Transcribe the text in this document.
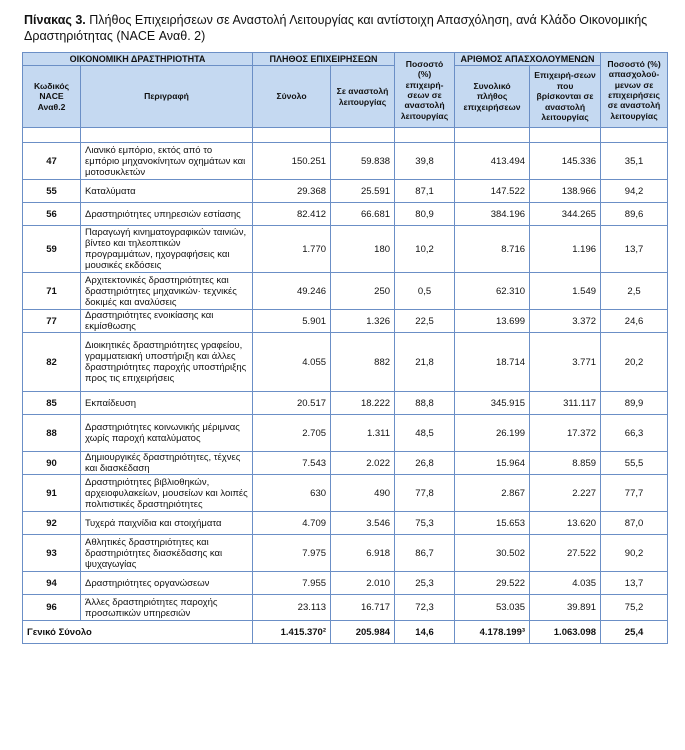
Πίνακας 3. Πλήθος Επιχειρήσεων σε Αναστολή Λειτουργίας και αντίστοιχη Απασχόληση, ανά Κλάδο Οικονομικής Δραστηριότητας (NACE Αναθ. 2)
ΟΙΚΟΝΟΜΙΚΗ ΔΡΑΣΤΗΡΙΟΤΗΤΑ		ΠΛΗΘΟΣ ΕΠΙΧΕΙΡΗΣΕΩΝ		Ποσοστό (%) επιχειρή-σεων σε αναστολή λειτουργίας	ΑΡΙΘΜΟΣ ΑΠΑΣΧΟΛΟΥΜΕΝΩΝ		Ποσοστό (%) απασχολού-μενων σε επιχειρήσεις σε αναστολή λειτουργίας
Κωδικός NACE Αναθ.2	Περιγραφή	Σύνολο	Σε αναστολή λειτουργίας		Συνολικό πλήθος επιχειρήσεων	Επιχειρή-σεων που βρίσκονται σε αναστολή λειτουργίας	

47	Λιανικό εμπόριο, εκτός από το εμπόριο μηχανοκίνητων οχημάτων και μοτοσυκλετών	150.251	59.838	39,8	413.494	145.336	35,1
55	Καταλύματα	29.368	25.591	87,1	147.522	138.966	94,2
56	Δραστηριότητες υπηρεσιών εστίασης	82.412	66.681	80,9	384.196	344.265	89,6
59	Παραγωγή κινηματογραφικών ταινιών, βίντεο και τηλεοπτικών προγραμμάτων, ηχογραφήσεις και μουσικές εκδόσεις	1.770	180	10,2	8.716	1.196	13,7
71	Αρχιτεκτονικές δραστηριότητες και δραστηριότητες μηχανικών· τεχνικές δοκιμές και αναλύσεις	49.246	250	0,5	62.310	1.549	2,5
77	Δραστηριότητες ενοικίασης και εκμίσθωσης	5.901	1.326	22,5	13.699	3.372	24,6
82	Διοικητικές δραστηριότητες γραφείου, γραμματειακή υποστήριξη και άλλες δραστηριότητες παροχής υποστήριξης προς τις επιχειρήσεις	4.055	882	21,8	18.714	3.771	20,2
85	Εκπαίδευση	20.517	18.222	88,8	345.915	311.117	89,9
88	Δραστηριότητες κοινωνικής μέριμνας χωρίς παροχή καταλύματος	2.705	1.311	48,5	26.199	17.372	66,3
90	Δημιουργικές δραστηριότητες, τέχνες και διασκέδαση	7.543	2.022	26,8	15.964	8.859	55,5
91	Δραστηριότητες βιβλιοθηκών, αρχειοφυλακείων, μουσείων και λοιπές πολιτιστικές δραστηριότητες	630	490	77,8	2.867	2.227	77,7
92	Τυχερά παιχνίδια και στοιχήματα	4.709	3.546	75,3	15.653	13.620	87,0
93	Αθλητικές δραστηριότητες και δραστηριότητες διασκέδασης και ψυχαγωγίας	7.975	6.918	86,7	30.502	27.522	90,2
94	Δραστηριότητες οργανώσεων	7.955	2.010	25,3	29.522	4.035	13,7
96	Άλλες δραστηριότητες παροχής προσωπικών υπηρεσιών	23.113	16.717	72,3	53.035	39.891	75,2
Γενικό Σύνολο		1.415.370²	205.984	14,6	4.178.199³	1.063.098	25,4
